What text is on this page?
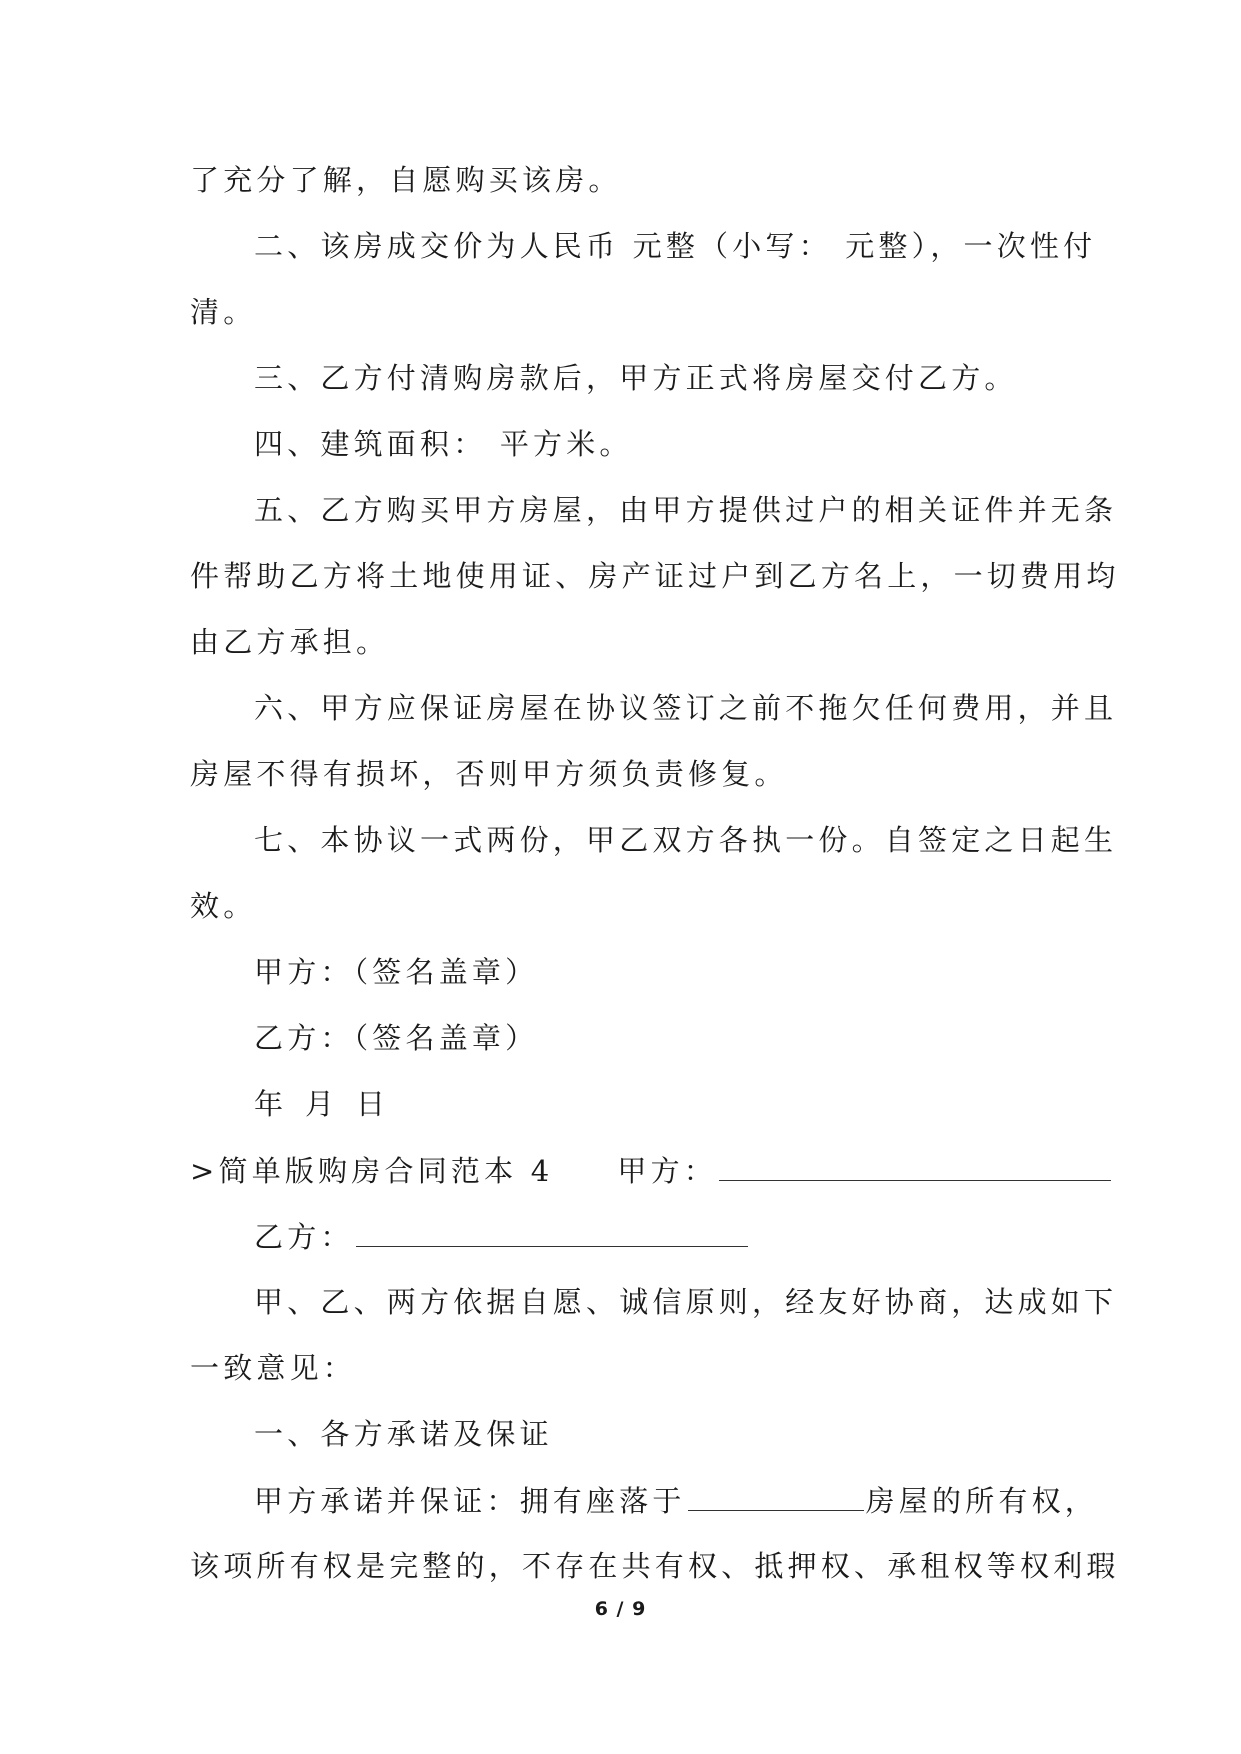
了充分了解，自愿购买该房。
二、该房成交价为人民币 元整（小写： 元整），一次性付
清。
三、乙方付清购房款后，甲方正式将房屋交付乙方。
四、建筑面积： 平方米。
五、乙方购买甲方房屋，由甲方提供过户的相关证件并无条
件帮助乙方将土地使用证、房产证过户到乙方名上，一切费用均
由乙方承担。
六、甲方应保证房屋在协议签订之前不拖欠任何费用，并且
房屋不得有损坏，否则甲方须负责修复。
七、本协议一式两份，甲乙双方各执一份。自签定之日起生
效。
甲方：（签名盖章）
乙方：（签名盖章）
年 月 日
>简单版购房合同范本 4 甲方：
乙方：
甲、乙、两方依据自愿、诚信原则，经友好协商，达成如下
一致意见：
一、各方承诺及保证
甲方承诺并保证：拥有座落于	房屋的所有权，
该项所有权是完整的，不存在共有权、抵押权、承租权等权利瑕
6 / 9
